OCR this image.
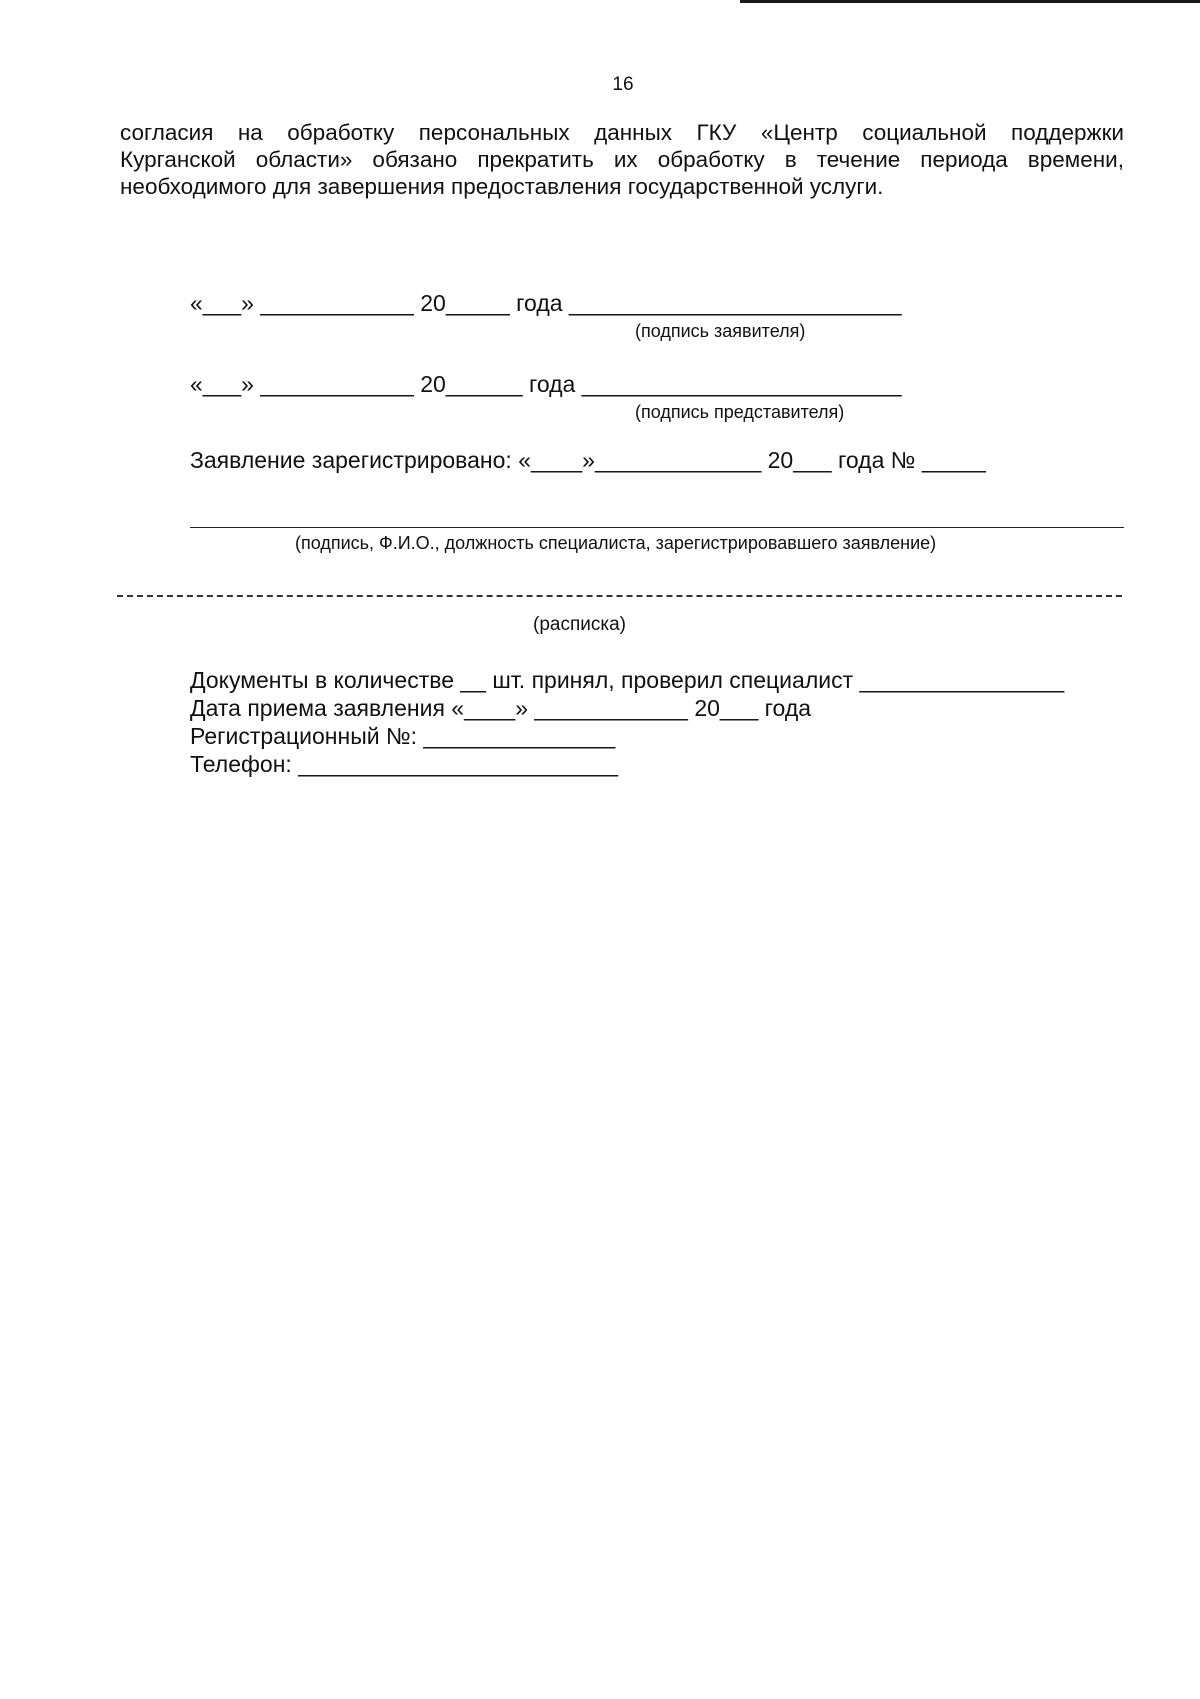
16
согласия на обработку персональных данных ГКУ «Центр социальной поддержки
Курганской области» обязано прекратить их обработку в течение периода времени,
необходимого для завершения предоставления государственной услуги.
«___» ____________ 20_____ года __________________________
(подпись заявителя)
«___» ____________ 20______ года _________________________
(подпись представителя)
Заявление зарегистрировано: «____»_____________ 20___ года № _____
(подпись, Ф.И.О., должность специалиста, зарегистрировавшего заявление)
(расписка)
Документы в количестве __ шт. принял, проверил специалист ________________
Дата приема заявления «____» ____________ 20___ года
Регистрационный №: _______________
Телефон: _________________________
